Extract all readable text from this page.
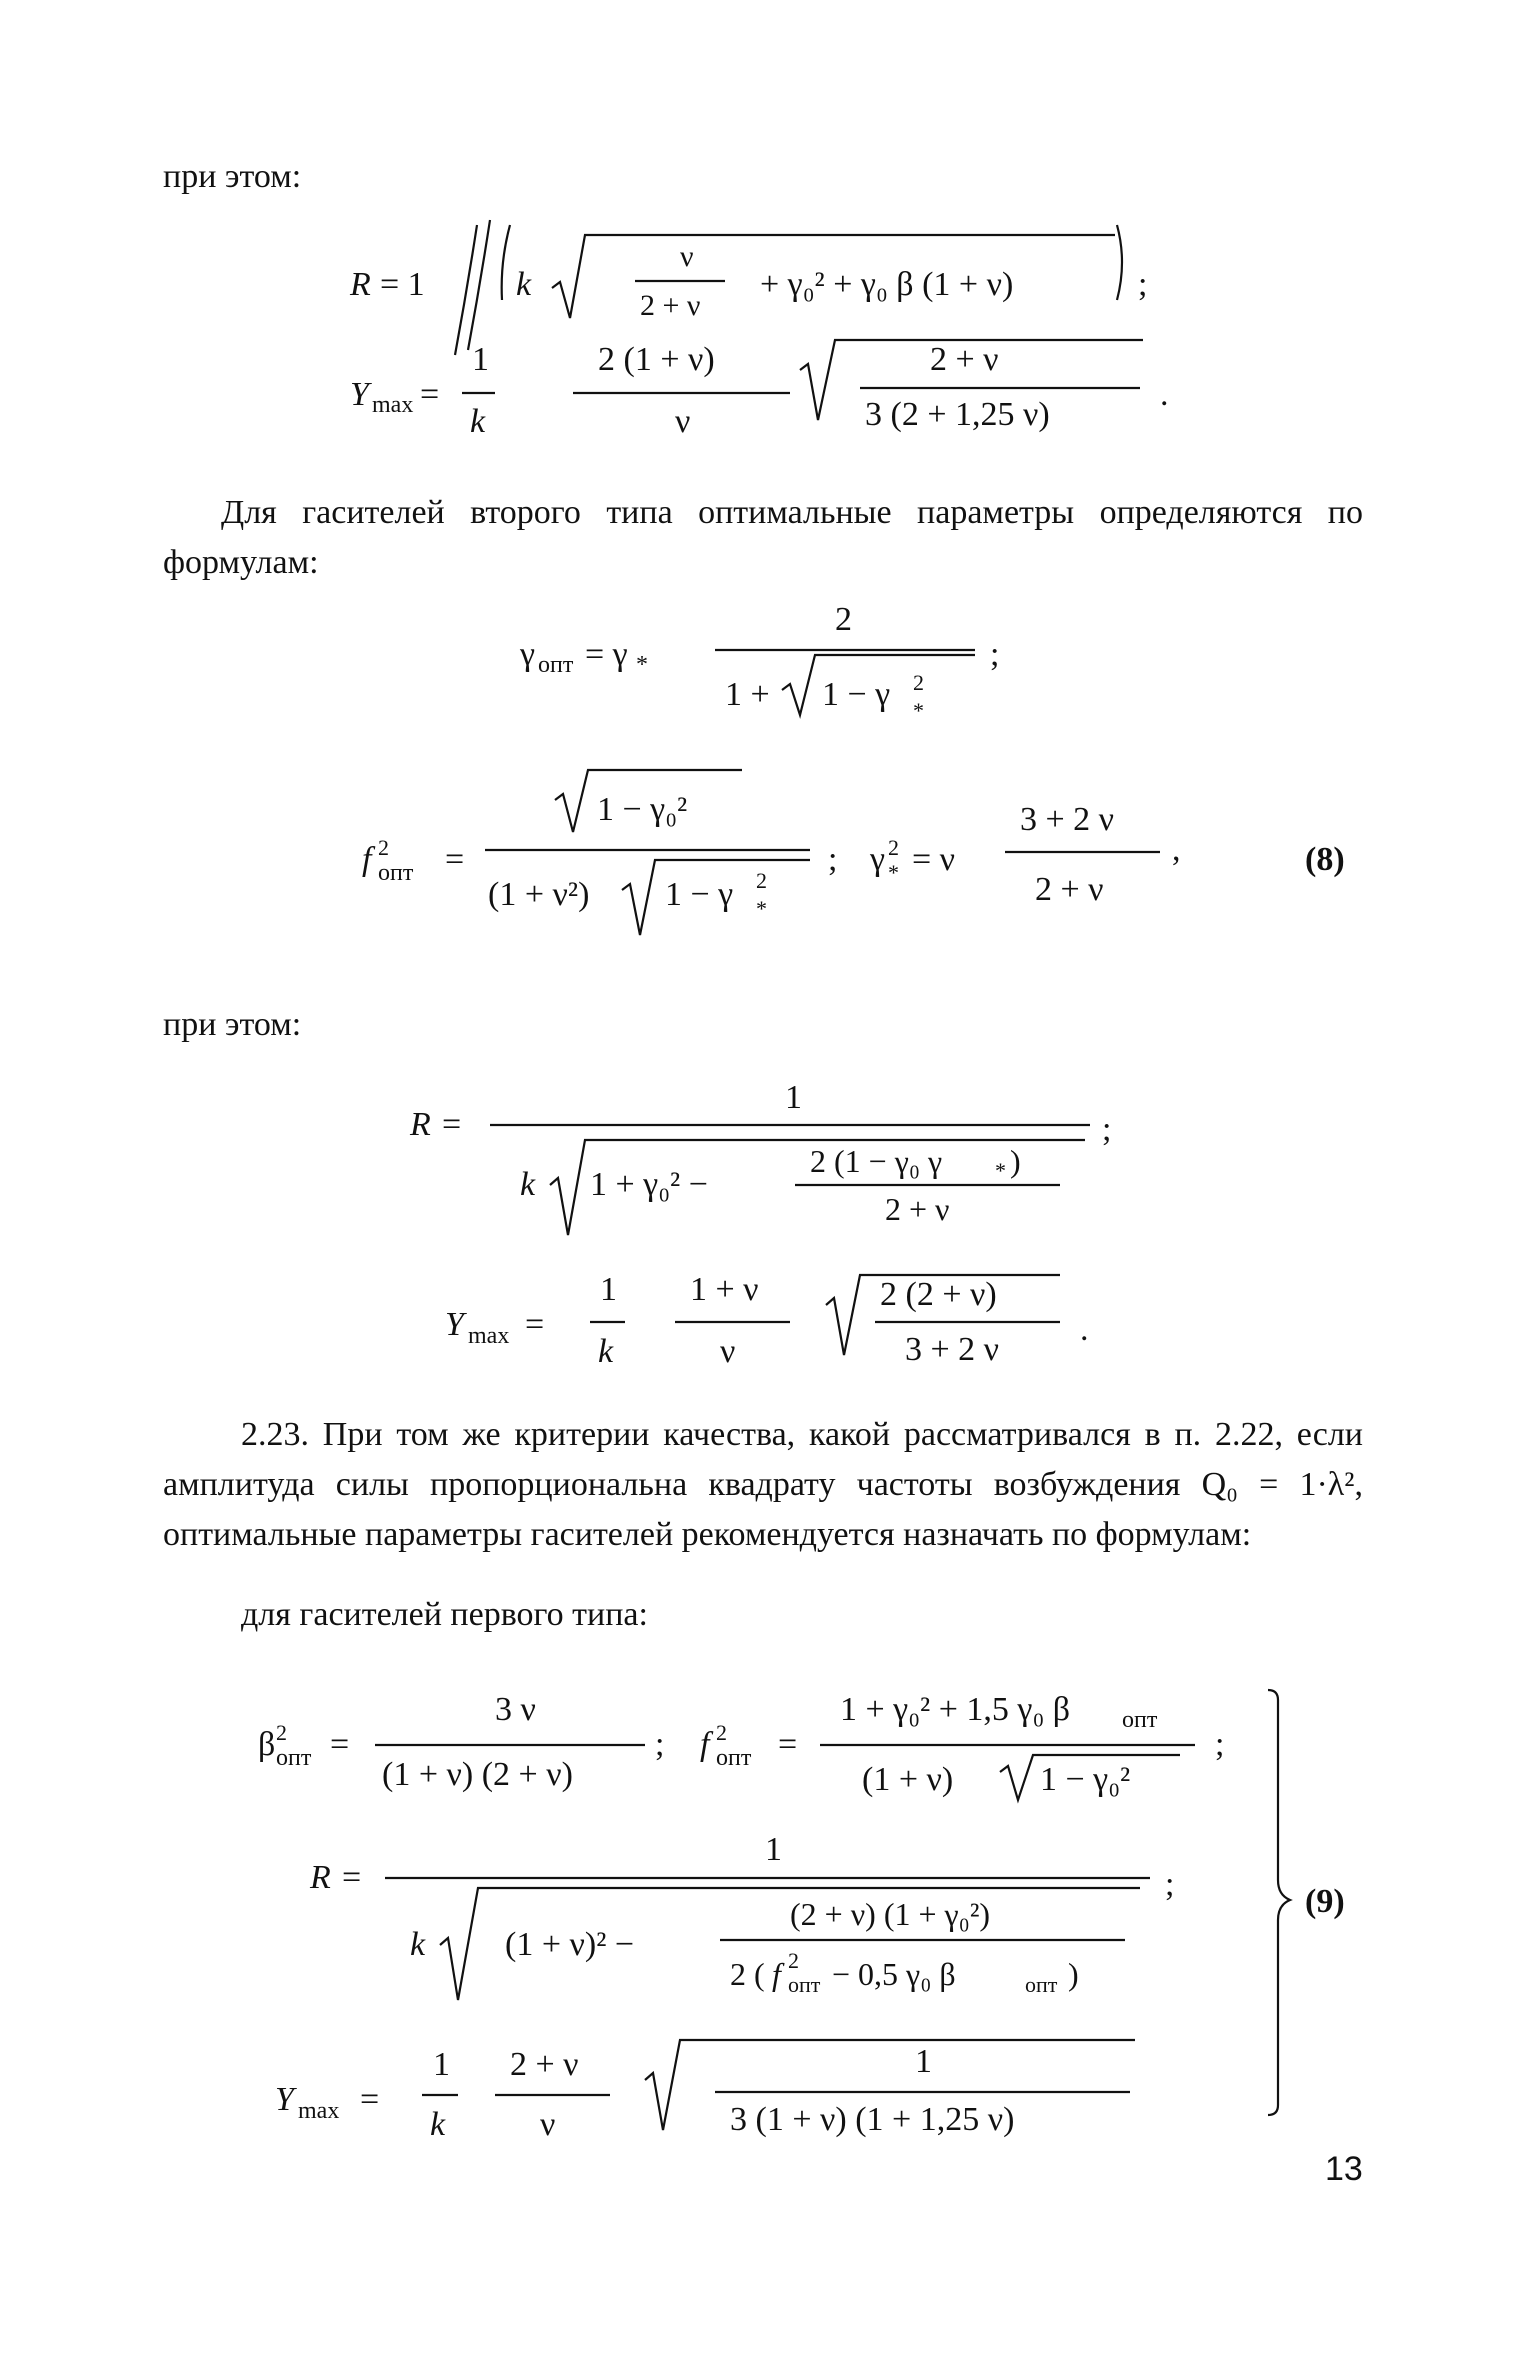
при этом:
Для гасителей второго типа оптимальные параметры определяются по формулам:
при этом:
2.23. При том же критерии качества, какой рассматривался в п. 2.22, если амплитуда силы пропорциональна квадрату частоты возбуждения Q₀ = 1·λ², оптимальные параметры гасителей рекомендуется назначать по формулам:
для гасителей первого типа:
13
R = 1	k
ν
2 + ν
+ γ₀² + γ₀ β (1 + ν)	;
Y max =
1
k
2 (1 + ν)
ν
2 + ν
3 (2 + 1,25 ν)
.
γ опт = γ *
2
1 + 1 − γ 2
*
;
f 2
опт =
1 − γ₀²
(1 + ν²) 1 − γ 2
*
; γ 2
* = ν
3 + 2 ν
2 + ν
,	(8)
R =
1
k 1 + γ₀² −
2 (1 − γ₀ γ * )
2 + ν
;
Y max =
1
k
1 + ν
ν
2 (2 + ν)
3 + 2 ν
.
β 2
опт =
3 ν
(1 + ν) (2 + ν)
; f 2
опт =
1 + γ₀² + 1,5 γ₀ β опт
(1 + ν)	1 − γ₀²
;
R =
1
k (1 + ν)² −
(2 + ν) (1 + γ₀²)
2 ( f 2
опт − 0,5 γ₀ β	опт )
;
Y max =
1
k
2 + ν
ν
1
3 (1 + ν) (1 + 1,25 ν)
(9)
